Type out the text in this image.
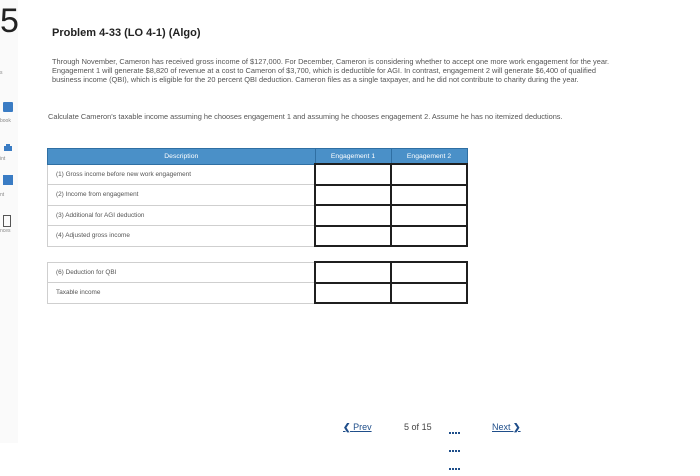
5
s
book
int
nt
nces
Problem 4-33 (LO 4-1) (Algo)
Through November, Cameron has received gross income of $127,000. For December, Cameron is considering whether to accept one more work engagement for the year. Engagement 1 will generate $8,820 of revenue at a cost to Cameron of $3,700, which is deductible for AGI. In contrast, engagement 2 will generate $6,400 of qualified business income (QBI), which is eligible for the 20 percent QBI deduction. Cameron files as a single taxpayer, and he did not contribute to charity during the year.
Calculate Cameron's taxable income assuming he chooses engagement 1 and assuming he chooses engagement 2. Assume he has no itemized deductions.
Description	Engagement 1	Engagement 2
(1) Gross income before new work engagement		
(2) Income from engagement		
(3) Additional for AGI deduction		
(4) Adjusted gross income		

(6) Deduction for QBI		
Taxable income		
❮ Prev	5 of 15	Next ❯
